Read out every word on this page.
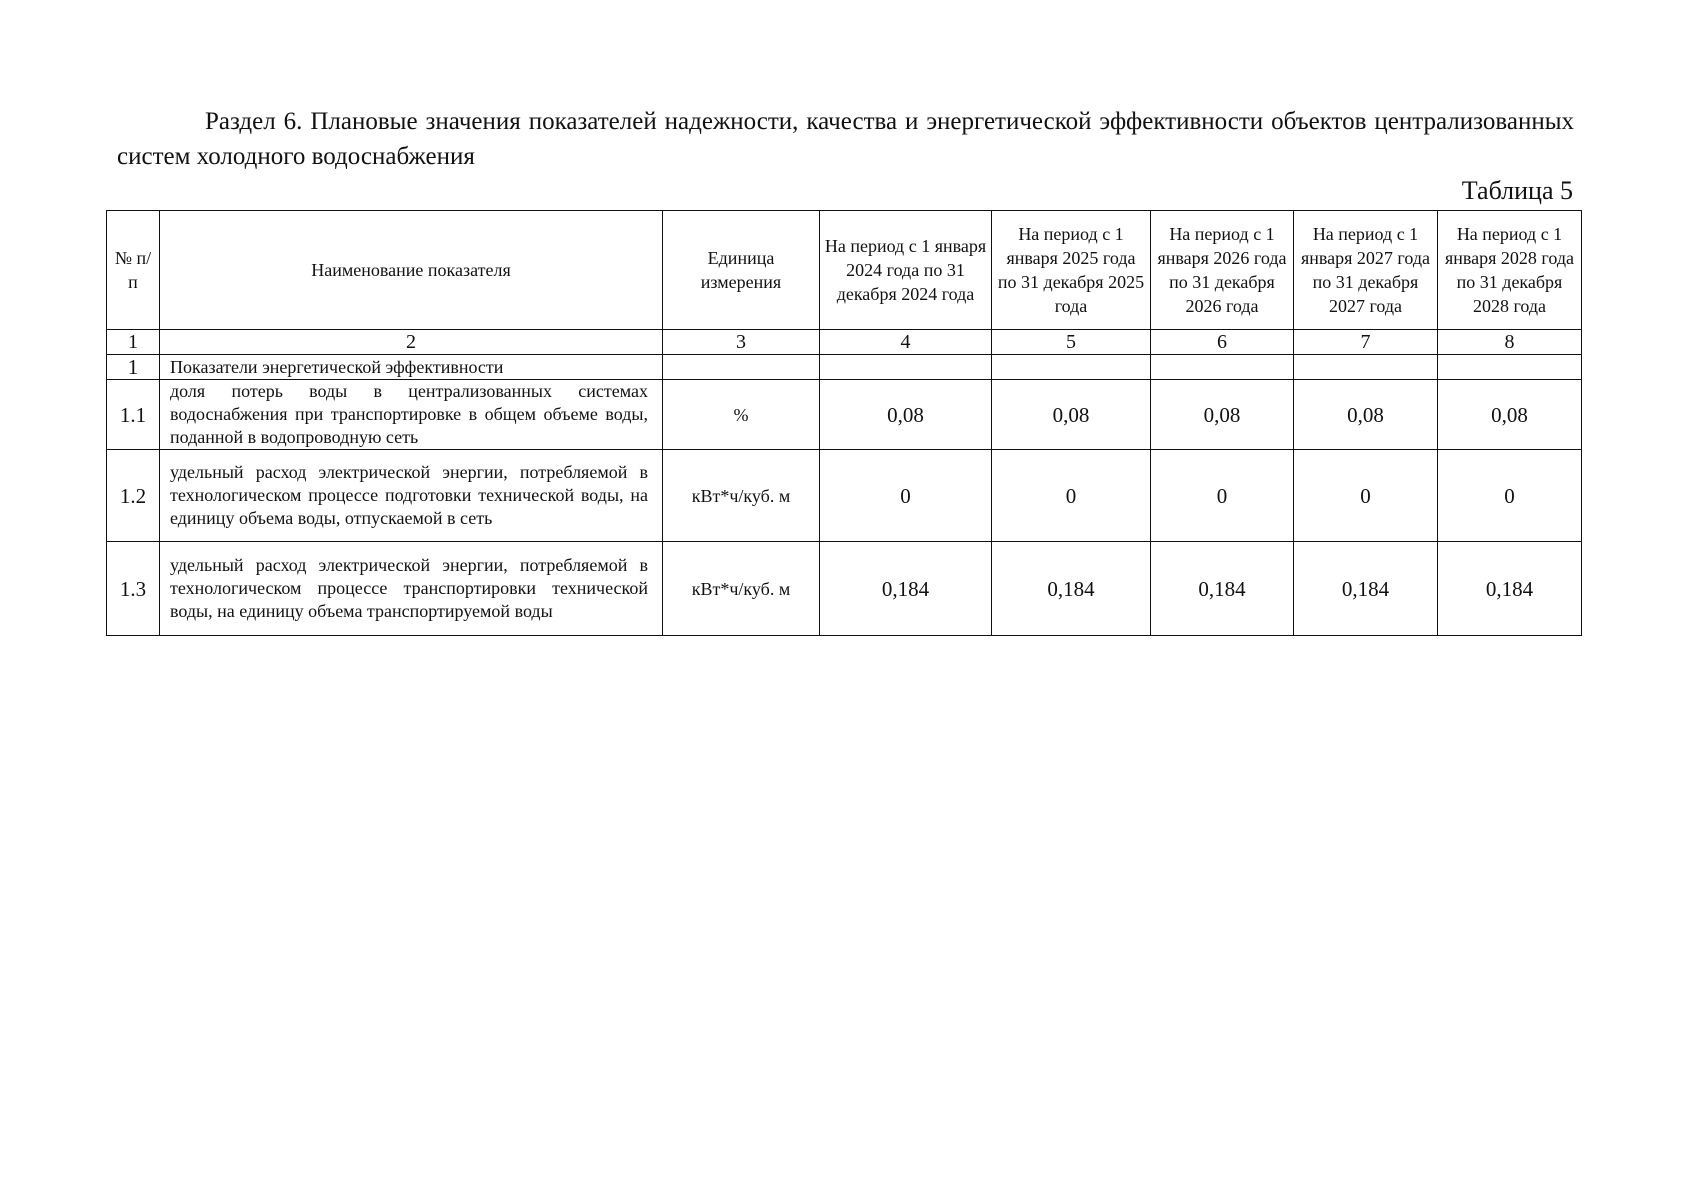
Раздел 6. Плановые значения показателей надежности, качества и энергетической эффективности объектов централизованных систем холодного водоснабжения
Таблица 5
№ п/п	Наименование показателя	Единица измерения	На период с 1 января 2024 года по 31 декабря 2024 года	На период с 1 января 2025 года по 31 декабря 2025 года	На период с 1 января 2026 года по 31 декабря 2026 года	На период с 1 января 2027 года по 31 декабря 2027 года	На период с 1 января 2028 года по 31 декабря 2028 года
1	2	3	4	5	6	7	8
1	Показатели энергетической эффективности						
1.1	доля потерь воды в централизованных системах водоснабжения при транспортировке в общем объеме воды, поданной в водопроводную сеть	%	0,08	0,08	0,08	0,08	0,08
1.2	удельный расход электрической энергии, потребляемой в технологическом процессе подготовки технической воды, на единицу объема воды, отпускаемой в сеть	кВт*ч/куб. м	0	0	0	0	0
1.3	удельный расход электрической энергии, потребляемой в технологическом процессе транспортировки технической воды, на единицу объема транспортируемой воды	кВт*ч/куб. м	0,184	0,184	0,184	0,184	0,184
